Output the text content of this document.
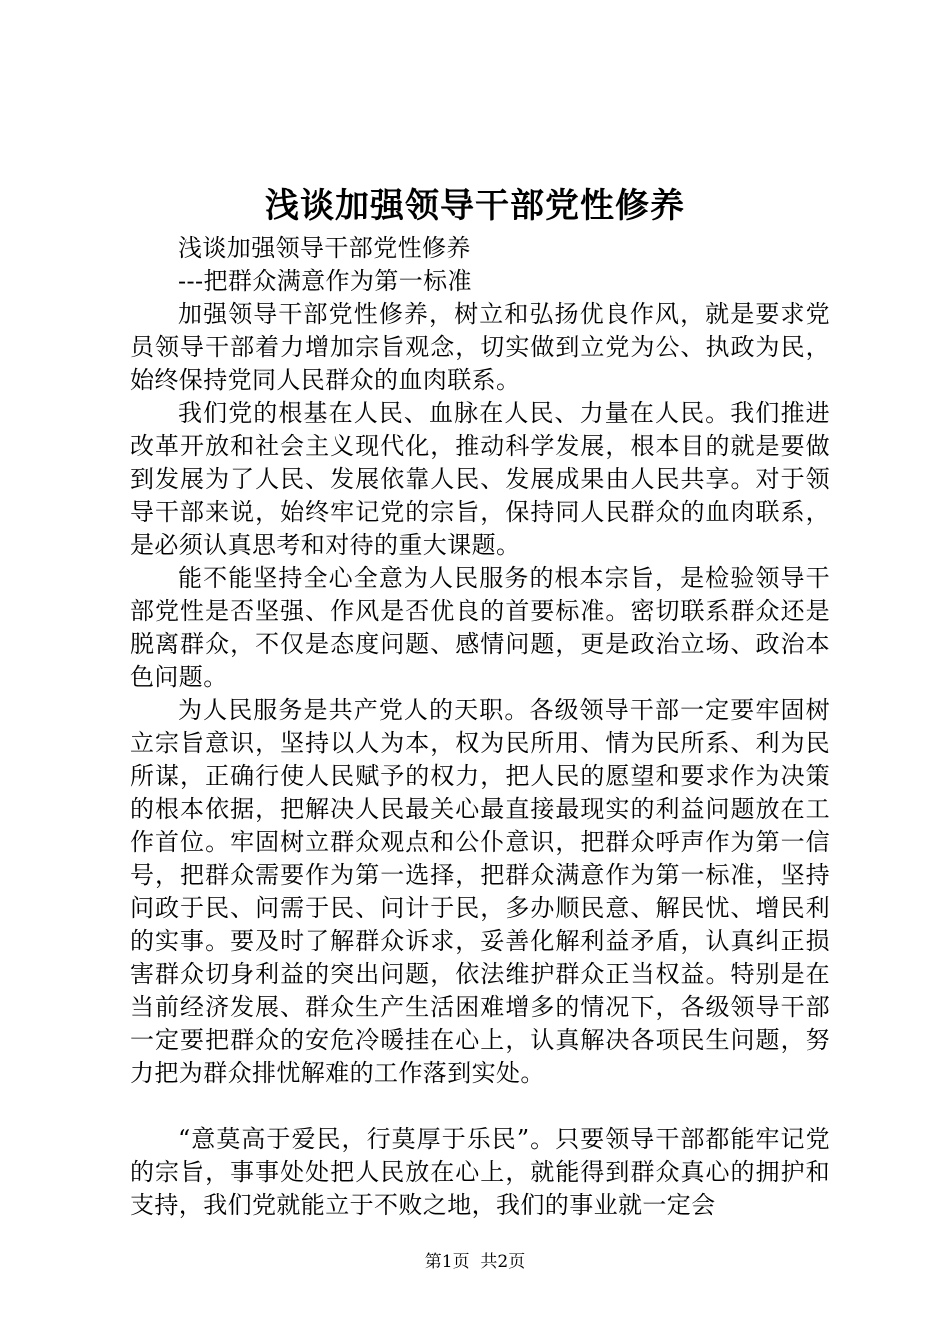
浅谈加强领导干部党性修养

浅谈加强领导干部党性修养

---把群众满意作为第一标准

加强领导干部党性修养，树立和弘扬优良作风，就是要求党员领导干部着力增加宗旨观念，切实做到立党为公、执政为民，始终保持党同人民群众的血肉联系。

我们党的根基在人民、血脉在人民、力量在人民。我们推进改革开放和社会主义现代化，推动科学发展，根本目的就是要做到发展为了人民、发展依靠人民、发展成果由人民共享。对于领导干部来说，始终牢记党的宗旨，保持同人民群众的血肉联系，是必须认真思考和对待的重大课题。

能不能坚持全心全意为人民服务的根本宗旨，是检验领导干部党性是否坚强、作风是否优良的首要标准。密切联系群众还是脱离群众，不仅是态度问题、感情问题，更是政治立场、政治本色问题。

为人民服务是共产党人的天职。各级领导干部一定要牢固树立宗旨意识，坚持以人为本，权为民所用、情为民所系、利为民所谋，正确行使人民赋予的权力，把人民的愿望和要求作为决策的根本依据，把解决人民最关心最直接最现实的利益问题放在工作首位。牢固树立群众观点和公仆意识，把群众呼声作为第一信号，把群众需要作为第一选择，把群众满意作为第一标准，坚持问政于民、问需于民、问计于民，多办顺民意、解民忧、增民利的实事。要及时了解群众诉求，妥善化解利益矛盾，认真纠正损害群众切身利益的突出问题，依法维护群众正当权益。特别是在当前经济发展、群众生产生活困难增多的情况下，各级领导干部一定要把群众的安危冷暖挂在心上，认真解决各项民生问题，努力把为群众排忧解难的工作落到实处。

“意莫高于爱民，行莫厚于乐民”。只要领导干部都能牢记党的宗旨，事事处处把人民放在心上，就能得到群众真心的拥护和支持，我们党就能立于不败之地，我们的事业就一定会

第1页  共2页
